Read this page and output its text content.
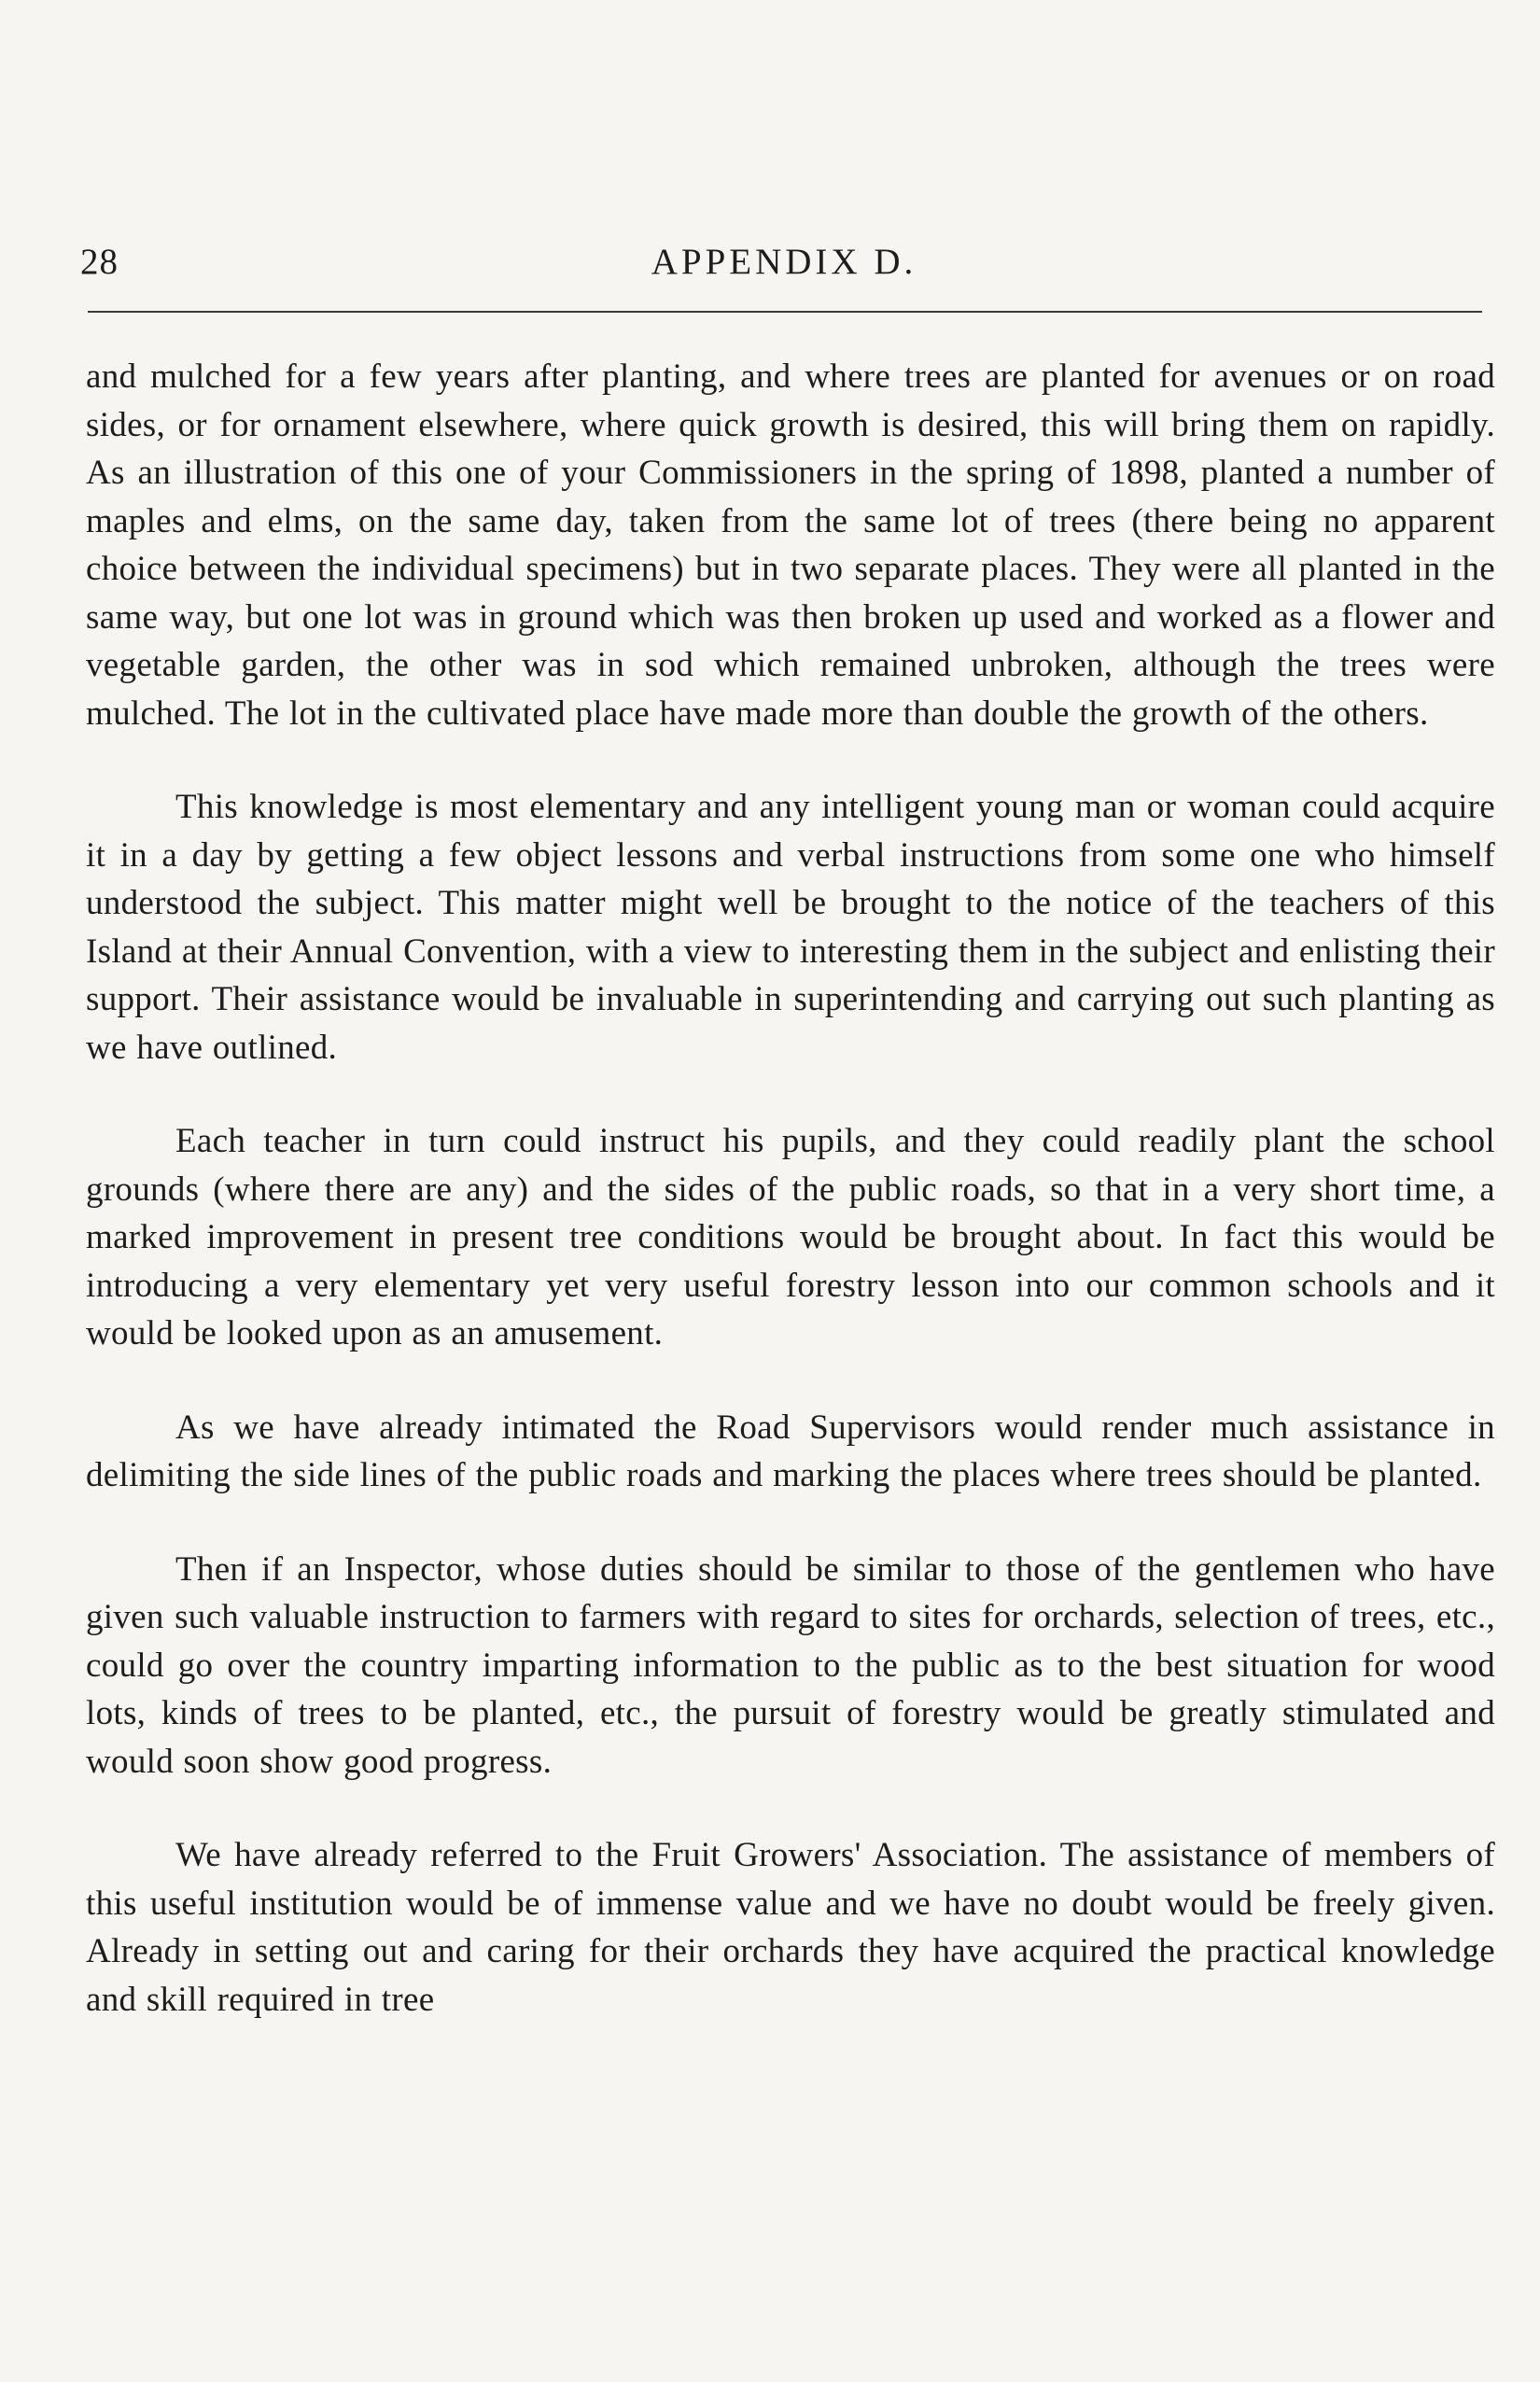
28	APPENDIX D.

and mulched for a few years after planting, and where trees are planted for avenues or on road sides, or for ornament elsewhere, where quick growth is desired, this will bring them on rapidly. As an illustration of this one of your Commissioners in the spring of 1898, planted a number of maples and elms, on the same day, taken from the same lot of trees (there being no apparent choice between the individual specimens) but in two separate places. They were all planted in the same way, but one lot was in ground which was then broken up used and worked as a flower and vegetable garden, the other was in sod which remained unbroken, although the trees were mulched. The lot in the cultivated place have made more than double the growth of the others.

This knowledge is most elementary and any intelligent young man or woman could acquire it in a day by getting a few object lessons and verbal instructions from some one who himself understood the subject. This matter might well be brought to the notice of the teachers of this Island at their Annual Convention, with a view to interesting them in the subject and enlisting their support. Their assistance would be invaluable in superintending and carrying out such planting as we have outlined.

Each teacher in turn could instruct his pupils, and they could readily plant the school grounds (where there are any) and the sides of the public roads, so that in a very short time, a marked improvement in present tree conditions would be brought about. In fact this would be introducing a very elementary yet very useful forestry lesson into our common schools and it would be looked upon as an amusement.

As we have already intimated the Road Supervisors would render much assistance in delimiting the side lines of the public roads and marking the places where trees should be planted.

Then if an Inspector, whose duties should be similar to those of the gentlemen who have given such valuable instruction to farmers with regard to sites for orchards, selection of trees, etc., could go over the country imparting information to the public as to the best situation for wood lots, kinds of trees to be planted, etc., the pursuit of forestry would be greatly stimulated and would soon show good progress.

We have already referred to the Fruit Growers' Association. The assistance of members of this useful institution would be of immense value and we have no doubt would be freely given. Already in setting out and caring for their orchards they have acquired the practical knowledge and skill required in tree
